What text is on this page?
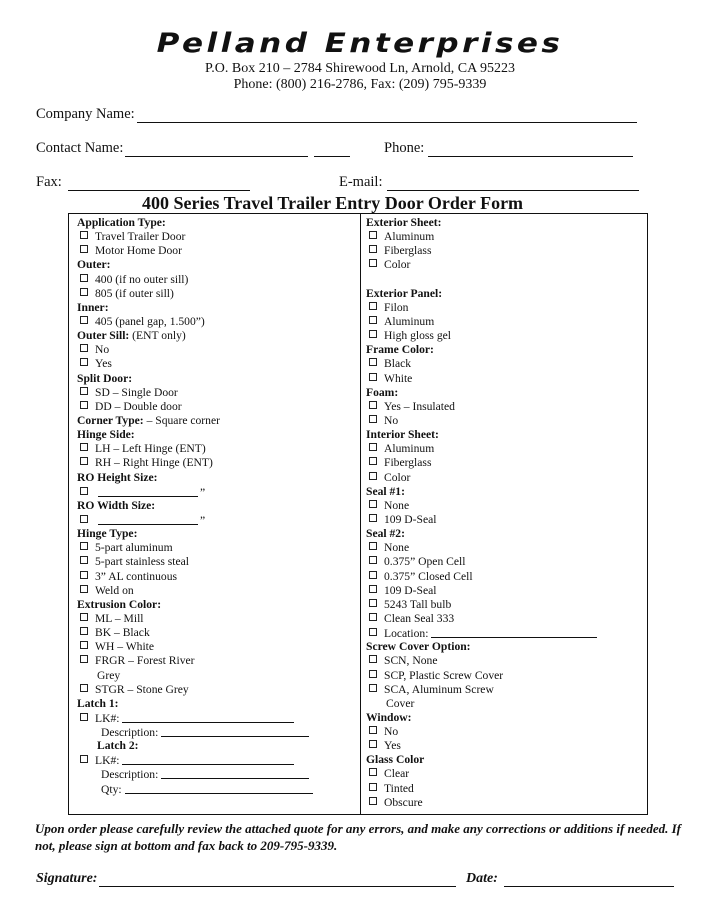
Pelland Enterprises
P.O. Box 210 – 2784 Shirewood Ln, Arnold, CA 95223
Phone: (800) 216-2786, Fax: (209) 795-9339
Company Name:
Contact Name:	Phone:
Fax:	E-mail:
400 Series Travel Trailer Entry Door Order Form
Application Type:
Travel Trailer Door
Motor Home Door
Outer:
400 (if no outer sill)
805 (if outer sill)
Inner:
405 (panel gap, 1.500”)
Outer Sill: (ENT only)
No
Yes
Split Door:
SD – Single Door
DD – Double door
Corner Type: – Square corner
Hinge Side:
LH – Left Hinge (ENT)
RH – Right Hinge (ENT)
RO Height Size:
”
RO Width Size:
”
Hinge Type:
5-part aluminum
5-part stainless steal
3” AL continuous
Weld on
Extrusion Color:
ML – Mill
BK – Black
WH – White
FRGR – Forest River
Grey
STGR – Stone Grey
Latch 1:
LK#:
Description:
Latch 2:
LK#:
Description:
Qty:
Exterior Sheet:
Aluminum
Fiberglass
Color
Exterior Panel:
Filon
Aluminum
High gloss gel
Frame Color:
Black
White
Foam:
Yes – Insulated
No
Interior Sheet:
Aluminum
Fiberglass
Color
Seal #1:
None
109 D-Seal
Seal #2:
None
0.375” Open Cell
0.375” Closed Cell
109 D-Seal
5243 Tall bulb
Clean Seal 333
Location:
Screw Cover Option:
SCN, None
SCP, Plastic Screw Cover
SCA, Aluminum Screw
Cover
Window:
No
Yes
Glass Color
Clear
Tinted
Obscure
Upon order please carefully review the attached quote for any errors, and make any corrections or additions if needed. If not, please sign at bottom and fax back to 209-795-9339.
Signature:	Date:
